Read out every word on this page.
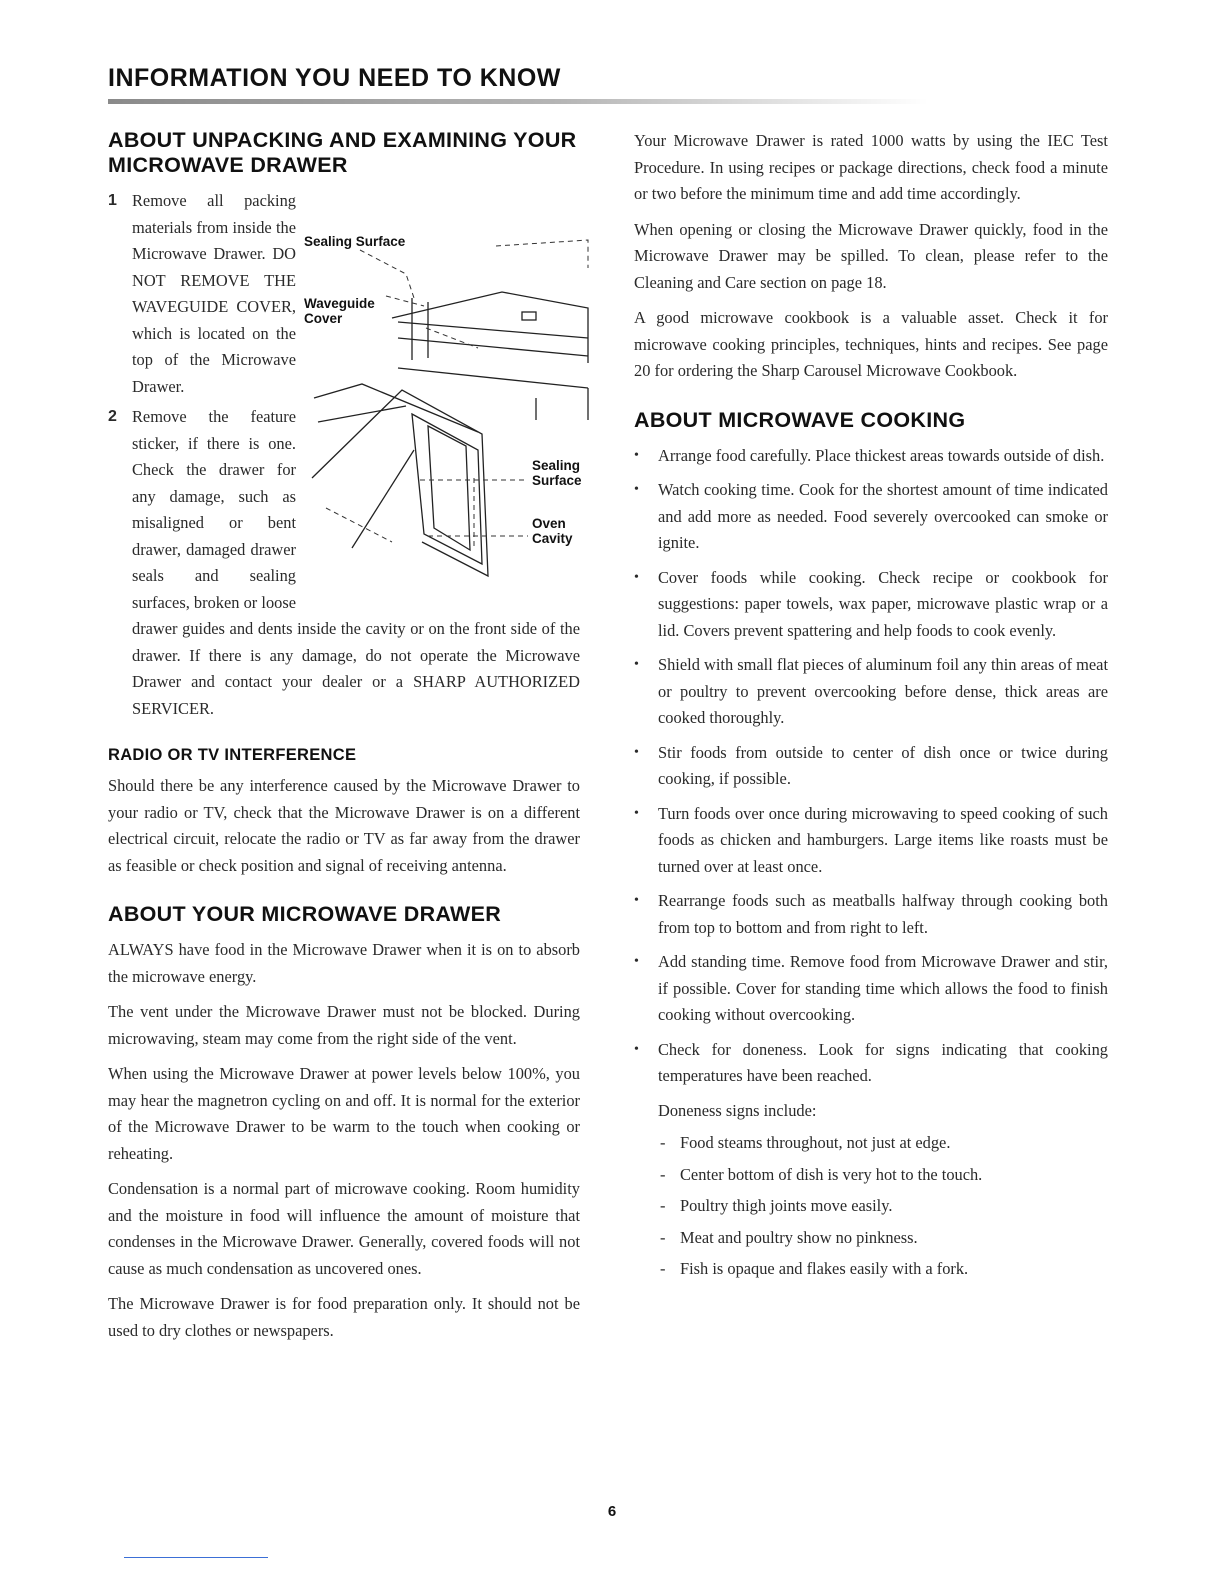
INFORMATION YOU NEED TO KNOW
ABOUT UNPACKING AND EXAMINING YOUR MICROWAVE DRAWER

Sealing Surface

Waveguide Cover

Sealing Surface

Oven Cavity

1 Remove all packing materials from inside the Microwave Drawer. DO NOT REMOVE THE WAVEGUIDE COVER, which is located on the top of the Microwave Drawer.
2 Remove the feature sticker, if there is one. Check the drawer for any damage, such as misaligned or bent drawer, damaged drawer seals and sealing surfaces, broken or loose drawer guides and dents inside the cavity or on the front side of the drawer. If there is any damage, do not operate the Microwave Drawer and contact your dealer or a SHARP AUTHORIZED SERVICER.
RADIO OR TV INTERFERENCE

Should there be any interference caused by the Microwave Drawer to your radio or TV, check that the Microwave Drawer is on a different electrical circuit, relocate the radio or TV as far away from the drawer as feasible or check position and signal of receiving antenna.

ABOUT YOUR MICROWAVE DRAWER

ALWAYS have food in the Microwave Drawer when it is on to absorb the microwave energy.

The vent under the Microwave Drawer must not be blocked. During microwaving, steam may come from the right side of the vent.

When using the Microwave Drawer at power levels below 100%, you may hear the magnetron cycling on and off. It is normal for the exterior of the Microwave Drawer to be warm to the touch when cooking or reheating.

Condensation is a normal part of microwave cooking. Room humidity and the moisture in food will influence the amount of moisture that condenses in the Microwave Drawer. Generally, covered foods will not cause as much condensation as uncovered ones.

The Microwave Drawer is for food preparation only. It should not be used to dry clothes or newspapers.

Your Microwave Drawer is rated 1000 watts by using the IEC Test Procedure. In using recipes or package directions, check food a minute or two before the minimum time and add time accordingly.

When opening or closing the Microwave Drawer quickly, food in the Microwave Drawer may be spilled. To clean, please refer to the Cleaning and Care section on page 18.

A good microwave cookbook is a valuable asset. Check it for microwave cooking principles, techniques, hints and recipes. See page 20 for ordering the Sharp Carousel Microwave Cookbook.

ABOUT MICROWAVE COOKING
• Arrange food carefully. Place thickest areas towards outside of dish.
• Watch cooking time. Cook for the shortest amount of time indicated and add more as needed. Food severely overcooked can smoke or ignite.
• Cover foods while cooking. Check recipe or cookbook for suggestions: paper towels, wax paper, microwave plastic wrap or a lid. Covers prevent spattering and help foods to cook evenly.
• Shield with small flat pieces of aluminum foil any thin areas of meat or poultry to prevent overcooking before dense, thick areas are cooked thoroughly.
• Stir foods from outside to center of dish once or twice during cooking, if possible.
• Turn foods over once during microwaving to speed cooking of such foods as chicken and hamburgers. Large items like roasts must be turned over at least once.
• Rearrange foods such as meatballs halfway through cooking both from top to bottom and from right to left.
• Add standing time. Remove food from Microwave Drawer and stir, if possible. Cover for standing time which allows the food to finish cooking without overcooking.
• Check for doneness. Look for signs indicating that cooking temperatures have been reached.

Doneness signs include:

- Food steams throughout, not just at edge.
- Center bottom of dish is very hot to the touch.
- Poultry thigh joints move easily.
- Meat and poultry show no pinkness.
- Fish is opaque and flakes easily with a fork.
6
